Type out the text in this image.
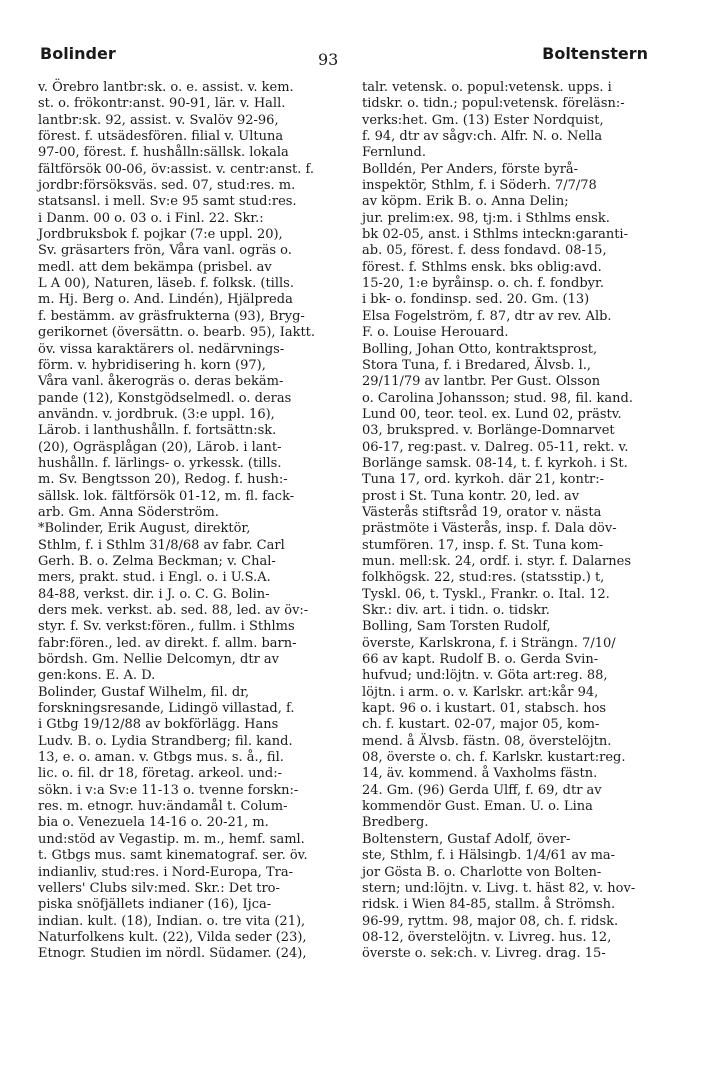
Bolinder	93	Boltenstern
v. Örebro lantbr:sk. o. e. assist. v. kem.
st. o. frökontr:anst. 90-91, lär. v. Hall.
lantbr:sk. 92, assist. v. Svalöv 92-96,
förest. f. utsädesfören. filial v. Ultuna
97-00, förest. f. hushålln:sällsk. lokala
fältförsök 00-06, öv:assist. v. centr:anst. f.
jordbr:försöksväs. sed. 07, stud:res. m.
statsansl. i mell. Sv:e 95 samt stud:res.
i Danm. 00 o. 03 o. i Finl. 22. Skr.:
Jordbruksbok f. pojkar (7:e uppl. 20),
Sv. gräsarters frön, Våra vanl. ogräs o.
medl. att dem bekämpa (prisbel. av
L A 00), Naturen, läseb. f. folksk. (tills.
m. Hj. Berg o. And. Lindén), Hjälpreda
f. bestämm. av gräsfrukterna (93), Bryg-
gerikornet (översättn. o. bearb. 95), Iaktt.
öv. vissa karaktärers ol. nedärvnings-
förm. v. hybridisering h. korn (97),
Våra vanl. åkerogräs o. deras bekäm-
pande (12), Konstgödselmedl. o. deras
användn. v. jordbruk. (3:e uppl. 16),
Lärob. i lanthushålln. f. fortsättn:sk.
(20), Ogräsplågan (20), Lärob. i lant-
hushålln. f. lärlings- o. yrkessk. (tills.
m. Sv. Bengtsson 20), Redog. f. hush:-
sällsk. lok. fältförsök 01-12, m. fl. fack-
arb. Gm. Anna Söderström.
*Bolinder, Erik August, direktör,
Sthlm, f. i Sthlm 31/8/68 av fabr. Carl
Gerh. B. o. Zelma Beckman; v. Chal-
mers, prakt. stud. i Engl. o. i U.S.A.
84-88, verkst. dir. i J. o. C. G. Bolin-
ders mek. verkst. ab. sed. 88, led. av öv:-
styr. f. Sv. verkst:fören., fullm. i Sthlms
fabr:fören., led. av direkt. f. allm. barn-
bördsh. Gm. Nellie Delcomyn, dtr av
gen:kons. E. A. D.
Bolinder, Gustaf Wilhelm, fil. dr,
forskningsresande, Lidingö villastad, f.
i Gtbg 19/12/88 av bokförlägg. Hans
Ludv. B. o. Lydia Strandberg; fil. kand.
13, e. o. aman. v. Gtbgs mus. s. å., fil.
lic. o. fil. dr 18, företag. arkeol. und:-
sökn. i v:a Sv:e 11-13 o. tvenne forskn:-
res. m. etnogr. huv:ändamål t. Colum-
bia o. Venezuela 14-16 o. 20-21, m.
und:stöd av Vegastip. m. m., hemf. saml.
t. Gtbgs mus. samt kinematograf. ser. öv.
indianliv, stud:res. i Nord-Europa, Tra-
vellers' Clubs silv:med. Skr.: Det tro-
piska snöfjällets indianer (16), Ijca-
indian. kult. (18), Indian. o. tre vita (21),
Naturfolkens kult. (22), Vilda seder (23),
Etnogr. Studien im nördl. Südamer. (24),
talr. vetensk. o. popul:vetensk. upps. i
tidskr. o. tidn.; popul:vetensk. föreläsn:-
verks:het. Gm. (13) Ester Nordquist,
f. 94, dtr av sågv:ch. Alfr. N. o. Nella
Fernlund.
Bolldén, Per Anders, förste byrå-
inspektör, Sthlm, f. i Söderh. 7/7/78
av köpm. Erik B. o. Anna Delin;
jur. prelim:ex. 98, tj:m. i Sthlms ensk.
bk 02-05, anst. i Sthlms inteckn:garanti-
ab. 05, förest. f. dess fondavd. 08-15,
förest. f. Sthlms ensk. bks oblig:avd.
15-20, 1:e byråinsp. o. ch. f. fondbyr.
i bk- o. fondinsp. sed. 20. Gm. (13)
Elsa Fogelström, f. 87, dtr av rev. Alb.
F. o. Louise Herouard.
Bolling, Johan Otto, kontraktsprost,
Stora Tuna, f. i Bredared, Älvsb. l.,
29/11/79 av lantbr. Per Gust. Olsson
o. Carolina Johansson; stud. 98, fil. kand.
Lund 00, teor. teol. ex. Lund 02, prästv.
03, brukspred. v. Borlänge-Domnarvet
06-17, reg:past. v. Dalreg. 05-11, rekt. v.
Borlänge samsk. 08-14, t. f. kyrkoh. i St.
Tuna 17, ord. kyrkoh. där 21, kontr:-
prost i St. Tuna kontr. 20, led. av
Västerås stiftsråd 19, orator v. nästa
prästmöte i Västerås, insp. f. Dala döv-
stumfören. 17, insp. f. St. Tuna kom-
mun. mell:sk. 24, ordf. i. styr. f. Dalarnes
folkhögsk. 22, stud:res. (statsstip.) t,
Tyskl. 06, t. Tyskl., Frankr. o. Ital. 12.
Skr.: div. art. i tidn. o. tidskr.
Bolling, Sam Torsten Rudolf,
överste, Karlskrona, f. i Strängn. 7/10/
66 av kapt. Rudolf B. o. Gerda Svin-
hufvud; und:löjtn. v. Göta art:reg. 88,
löjtn. i arm. o. v. Karlskr. art:kår 94,
kapt. 96 o. i kustart. 01, stabsch. hos
ch. f. kustart. 02-07, major 05, kom-
mend. å Älvsb. fästn. 08, överstelöjtn.
08, överste o. ch. f. Karlskr. kustart:reg.
14, äv. kommend. å Vaxholms fästn.
24. Gm. (96) Gerda Ulff, f. 69, dtr av
kommendör Gust. Eman. U. o. Lina
Bredberg.
Boltenstern, Gustaf Adolf, över-
ste, Sthlm, f. i Hälsingb. 1/4/61 av ma-
jor Gösta B. o. Charlotte von Bolten-
stern; und:löjtn. v. Livg. t. häst 82, v. hov-
ridsk. i Wien 84-85, stallm. å Strömsh.
96-99, ryttm. 98, major 08, ch. f. ridsk.
08-12, överstelöjtn. v. Livreg. hus. 12,
överste o. sek:ch. v. Livreg. drag. 15-
